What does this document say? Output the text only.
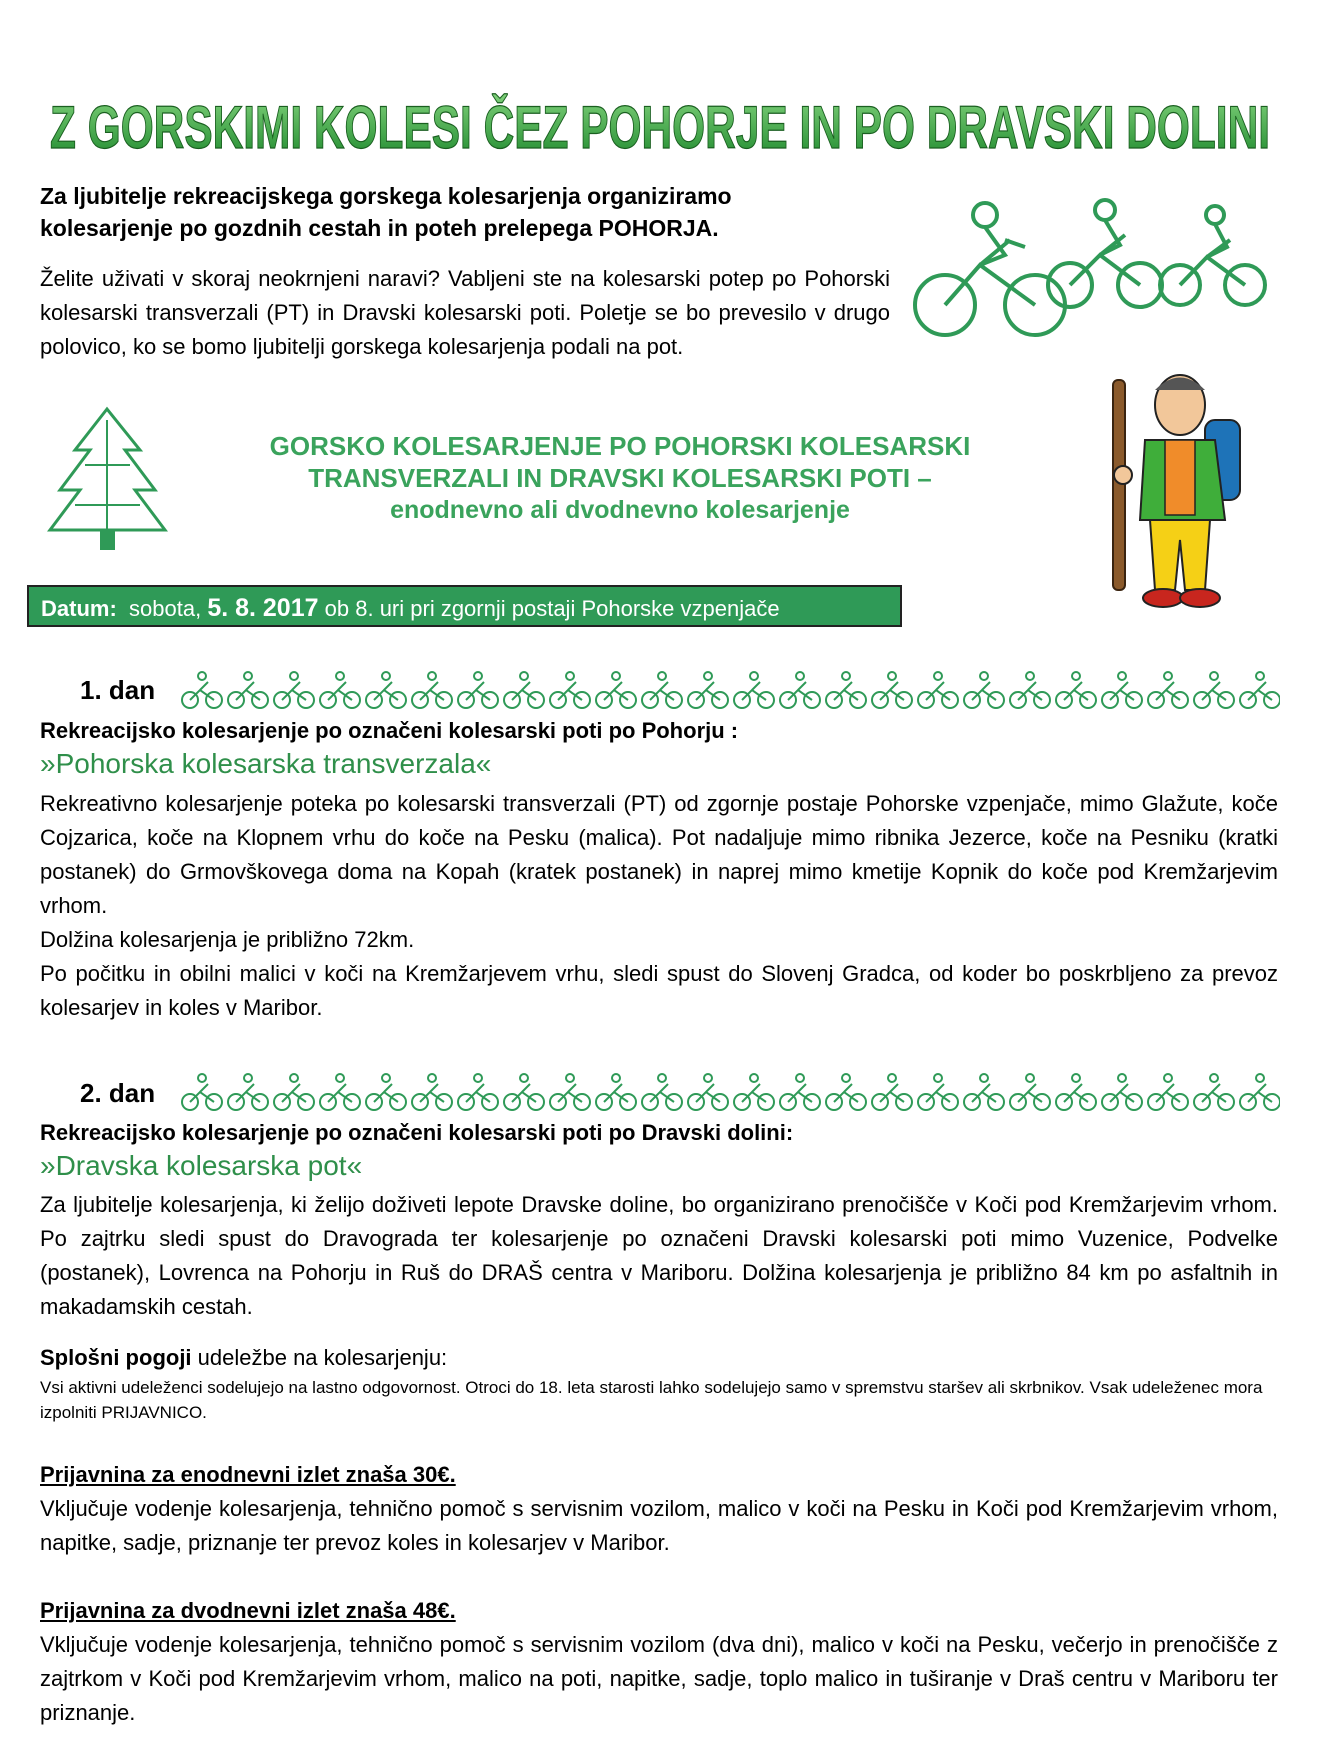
Z GORSKIMI KOLESI ČEZ POHORJE IN PO DRAVSKI DOLINI
Za ljubitelje rekreacijskega gorskega kolesarjenja organiziramo
kolesarjenje po gozdnih cestah in poteh prelepega POHORJA.
Želite uživati v skoraj neokrnjeni naravi? Vabljeni ste na kolesarski potep po Pohorski kolesarski transverzali (PT) in Dravski kolesarski poti. Poletje se bo prevesilo v drugo polovico, ko se bomo ljubitelji gorskega kolesarjenja podali na pot.
GORSKO KOLESARJENJE PO POHORSKI KOLESARSKI
TRANSVERZALI IN DRAVSKI KOLESARSKI POTI –
enodnevno ali dvodnevno kolesarjenje
Datum: sobota, 5. 8. 2017 ob 8. uri pri zgornji postaji Pohorske vzpenjače
1. dan
Rekreacijsko kolesarjenje po označeni kolesarski poti po Pohorju :
»Pohorska kolesarska transverzala«
Rekreativno kolesarjenje poteka po kolesarski transverzali (PT) od zgornje postaje Pohorske vzpenjače, mimo Glažute, koče Cojzarica, koče na Klopnem vrhu do koče na Pesku (malica). Pot nadaljuje mimo ribnika Jezerce, koče na Pesniku (kratki postanek) do Grmovškovega doma na Kopah (kratek postanek) in naprej mimo kmetije Kopnik do koče pod Kremžarjevim vrhom.
Dolžina kolesarjenja je približno 72km.
Po počitku in obilni malici v koči na Kremžarjevem vrhu, sledi spust do Slovenj Gradca, od koder bo poskrbljeno za prevoz kolesarjev in koles v Maribor.
2. dan
Rekreacijsko kolesarjenje po označeni kolesarski poti po Dravski dolini:
»Dravska kolesarska pot«
Za ljubitelje kolesarjenja, ki želijo doživeti lepote Dravske doline, bo organizirano prenočišče v Koči pod Kremžarjevim vrhom. Po zajtrku sledi spust do Dravograda ter kolesarjenje po označeni Dravski kolesarski poti mimo Vuzenice, Podvelke (postanek), Lovrenca na Pohorju in Ruš do DRAŠ centra v Mariboru. Dolžina kolesarjenja je približno 84 km po asfaltnih in makadamskih cestah.
Splošni pogoji udeležbe na kolesarjenju:
Vsi aktivni udeleženci sodelujejo na lastno odgovornost. Otroci do 18. leta starosti lahko sodelujejo samo v spremstvu staršev ali skrbnikov. Vsak udeleženec mora izpolniti PRIJAVNICO.
Prijavnina za enodnevni izlet znaša 30€.
Vključuje vodenje kolesarjenja, tehnično pomoč s servisnim vozilom, malico v koči na Pesku in Koči pod Kremžarjevim vrhom, napitke, sadje, priznanje ter prevoz koles in kolesarjev v Maribor.
Prijavnina za dvodnevni izlet znaša 48€.
Vključuje vodenje kolesarjenja, tehnično pomoč s servisnim vozilom (dva dni), malico v koči na Pesku, večerjo in prenočišče z zajtrkom v Koči pod Kremžarjevim vrhom, malico na poti, napitke, sadje, toplo malico in tuširanje v Draš centru v Mariboru ter priznanje.
